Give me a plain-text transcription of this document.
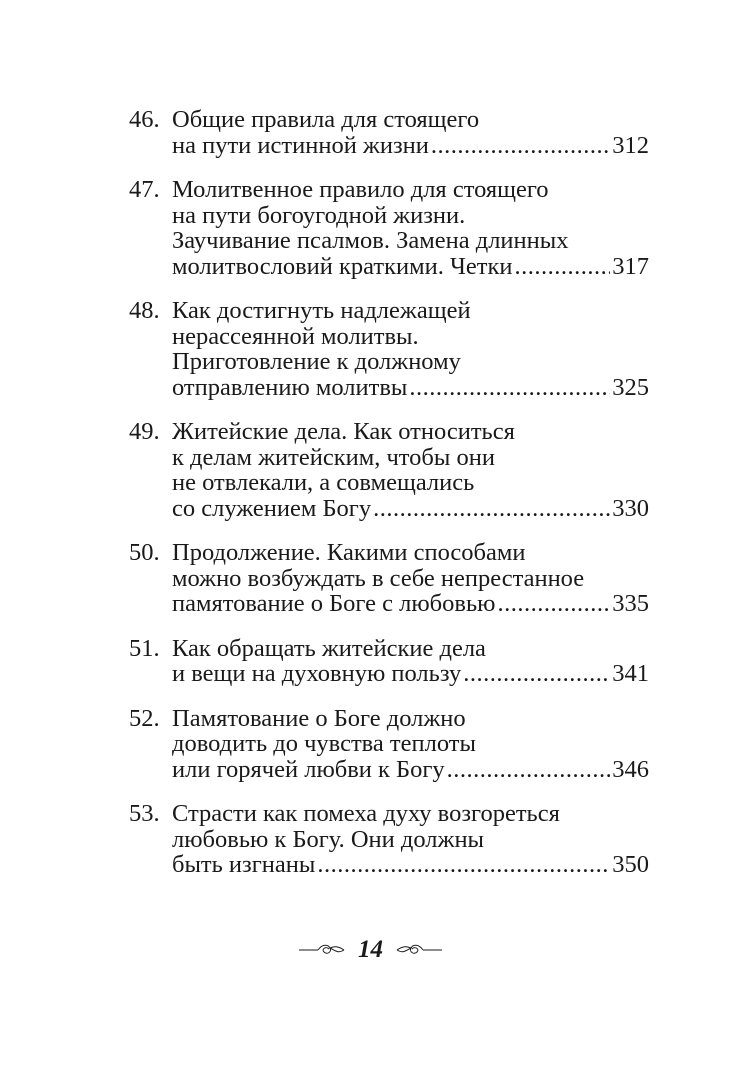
46. Общие правила для стоящего
на пути истинной жизни .....	312
47. Молитвенное правило для стоящего
на пути богоугодной жизни.
Заучивание псалмов. Замена длинных
молитвословий краткими. Четки .....	317
48. Как достигнуть надлежащей
нерассеянной молитвы.
Приготовление к должному
отправлению молитвы .....	325
49. Житейские дела. Как относиться
к делам житейским, чтобы они
не отвлекали, а совмещались
со служением Богу .....	330
50. Продолжение. Какими способами
можно возбуждать в себе непрестанное
памятование о Боге с любовью .....	335
51. Как обращать житейские дела
и вещи на духовную пользу .....	341
52. Памятование о Боге должно
доводить до чувства теплоты
или горячей любви к Богу .....	346
53. Страсти как помеха духу возгореться
любовью к Богу. Они должны
быть изгнаны .....	350
14
